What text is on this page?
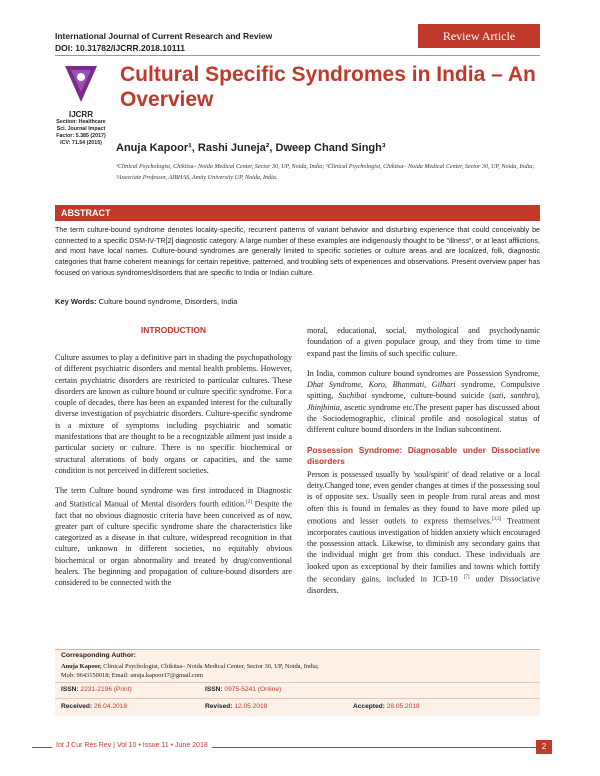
International Journal of Current Research and Review
DOI: 10.31782/IJCRR.2018.10111
Review Article
IJCRR
Section: Healthcare
Sci. Journal Impact
Factor: 5.385 (2017)
ICV: 71.54 (2015)
Cultural Specific Syndromes in India – An Overview
Anuja Kapoor¹, Rashi Juneja², Dweep Chand Singh³
¹Clinical Psychologist, Chikitsa– Noida Medical Center, Sector 30, UP, Noida, India; ²Clinical Psychologist, Chikitsa– Noida Medical Center, Sector 30, UP, Noida, India; ³Associate Professor, AIBHAS, Amity University UP, Noida, India.
ABSTRACT
The term culture-bound syndrome denotes locality-specific, recurrent patterns of variant behavior and disturbing experience that could conceivably be connected to a specific DSM-IV-TR[2] diagnostic category. A large number of these examples are indigenously thought to be "illness", or at least afflictions, and most have local names. Culture-bound syndromes are generally limited to specific societies or culture areas and are localized, folk, diagnostic categories that frame coherent meanings for certain repetitive, patterned, and troubling sets of experiences and observations. Present overview paper has focused on various syndromes/disorders that are specific to India or Indian culture.
Key Words: Culture bound syndrome, Disorders, India
INTRODUCTION

Culture assumes to play a definitive part in shading the psychopathology of different psychiatric disorders and mental health problems. However, certain psychiatric disorders are restricted to particular cultures. These disorders are known as culture bound or culture specific syndrome. For a couple of decades, there has been an expanded interest for the culturally diverse investigation of psychiatric disorders. Culture-specific syndrome is a mixture of symptoms including psychiatric and somatic manifestations that are thought to be a recognizable ailment just inside a particular society or culture. There is no specific biochemical or structural alterations of body organs or capacities, and the same condition is not perceived in different societies.

The term Culture bound syndrome was first introduced in Diagnostic and Statistical Manual of Mental disorders fourth edition.[2] Despite the fact that no obvious diagnostic criteria have been conceived as of now, greater part of culture specific syndrome share the characteristics like categorized as a disease in that culture, widespread recognition in that culture, unknown in different societies, no equitably obvious biochemical or organ abnormality and treated by drug/conventional healers. The beginning and propagation of culture-bound disorders are considered to be connected with the

moral, educational, social, mythological and psychodynamic foundation of a given populace group, and they from time to time expand past the limits of such specific culture.

In India, common culture bound syndromes are Possession Syndrome, Dhat Syndrome, Koro, Bhanmati, Gilhari syndrome, Compulsive spitting, Suchibai syndrome, culture-bound suicide (sati, santhra), Jhinjhinia, ascetic syndrome etc.The present paper has discussed about the Sociodemographic, clinical profile and nosological status of different culture bound disorders in the Indian subcontinent.

Possession Syndrome: Diagnosable under Dissociative disorders

Person is possessed usually by 'soul/spirit' of dead relative or a local deity.Changed tone, even gender changes at times if the possessing soul is of opposite sex. Usually seen in people from rural areas and most often this is found in females as they found to have more piled up emotions and lesser outlets to express themselves.[3,5] Treatment incorporates cautious investigation of hidden anxiety which encouraged the possession attack. Likewise, to diminish any secondary gains that the individual might get from this conduct. These individuals are looked upon as exceptional by their families and towns which fortify the secondary gains, included in ICD-10 [7] under Dissociative disorders.

Corresponding Author:
Anuja Kapoor, Clinical Psychologist, Chikitsa– Noida Medical Center, Sector 30, UP, Noida, India;
Mob: 9643150018; Email: anuja.kapoor17@gmail.com
ISSN: 2231-2196 (Print)	ISSN: 0975-5241 (Online)
Received: 26.04.2018	Revised: 12.05.2018	Accepted: 28.05.2018
Int J Cur Res Rev | Vol 10 • Issue 11 • June 2018	2
